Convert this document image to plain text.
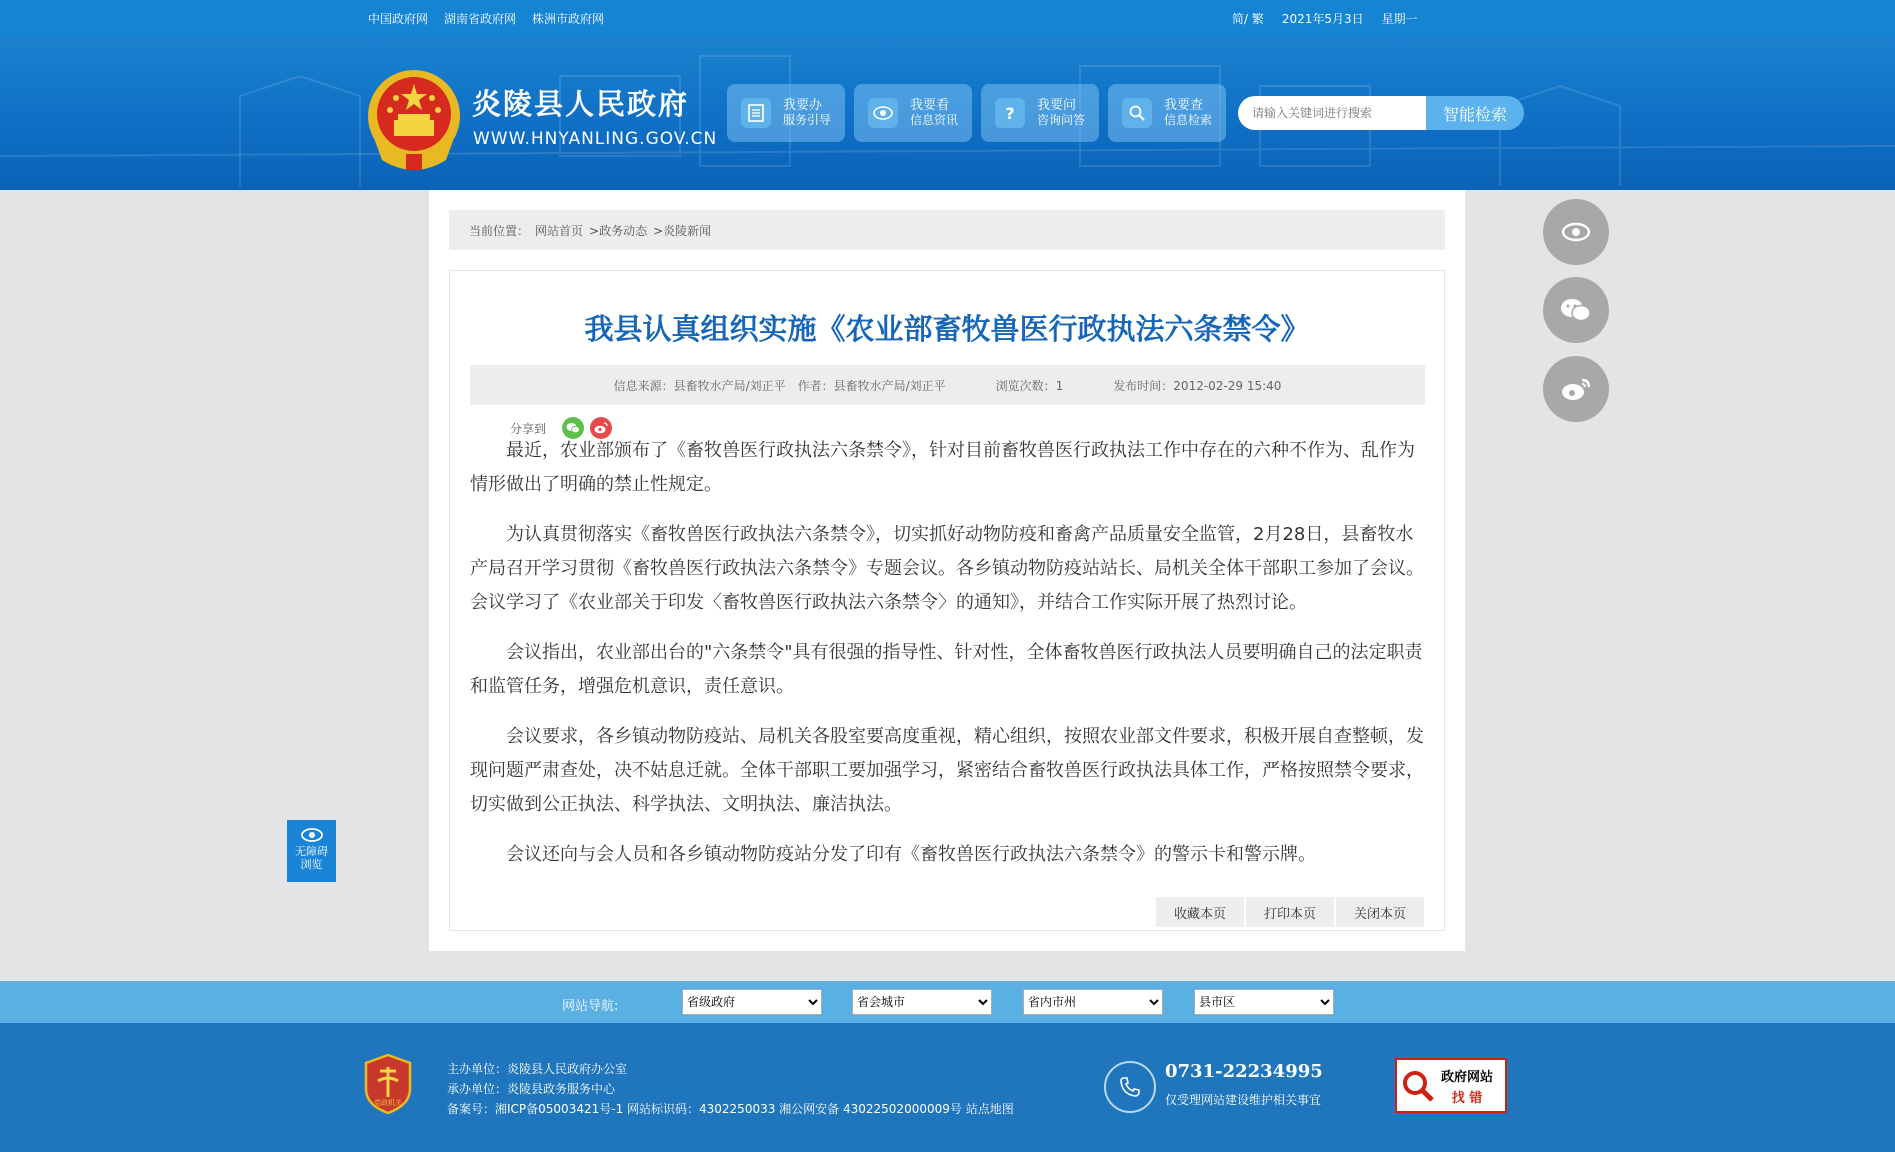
中国政府网 湖南省政府网 株洲市政府网	简/ 繁 2021年5月3日 星期一
炎陵县人民政府
WWW.HNYANLING.GOV.CN
我要办
服务引导
我要看
信息资讯	?	我要问
咨询问答
我要查
信息检索
请输入关键词进行搜索	智能检索
当前位置： 网站首页 >政务动态 >炎陵新闻
我县认真组织实施《农业部畜牧兽医行政执法六条禁令》
信息来源：县畜牧水产局/刘正平 作者：县畜牧水产局/刘正平	浏览次数：1	发布时间：2012-02-29 15:40
分享到

最近，农业部颁布了《畜牧兽医行政执法六条禁令》，针对目前畜牧兽医行政执法工作中存在的六种不作为、乱作为情形做出了明确的禁止性规定。

为认真贯彻落实《畜牧兽医行政执法六条禁令》，切实抓好动物防疫和畜禽产品质量安全监管，2月28日，县畜牧水产局召开学习贯彻《畜牧兽医行政执法六条禁令》专题会议。各乡镇动物防疫站站长、局机关全体干部职工参加了会议。会议学习了《农业部关于印发〈畜牧兽医行政执法六条禁令〉的通知》，并结合工作实际开展了热烈讨论。

会议指出，农业部出台的"六条禁令"具有很强的指导性、针对性，全体畜牧兽医行政执法人员要明确自己的法定职责和监管任务，增强危机意识，责任意识。

会议要求，各乡镇动物防疫站、局机关各股室要高度重视，精心组织，按照农业部文件要求，积极开展自查整顿，发现问题严肃查处，决不姑息迁就。全体干部职工要加强学习，紧密结合畜牧兽医行政执法具体工作，严格按照禁令要求，切实做到公正执法、科学执法、文明执法、廉洁执法。

会议还向与会人员和各乡镇动物防疫站分发了印有《畜牧兽医行政执法六条禁令》的警示卡和警示牌。

收藏本页	打印本页	关闭本页
无障碍
浏览
网站导航:
省级政府
省会城市
省内市州
县市区
党政机关
主办单位：炎陵县人民政府办公室
承办单位：炎陵县政务服务中心
备案号：湘ICP备05003421号-1 网站标识码：4302250033 湘公网安备 43022502000009号 站点地图
0731-22234995
仅受理网站建设维护相关事宜
政府网站
找 错
